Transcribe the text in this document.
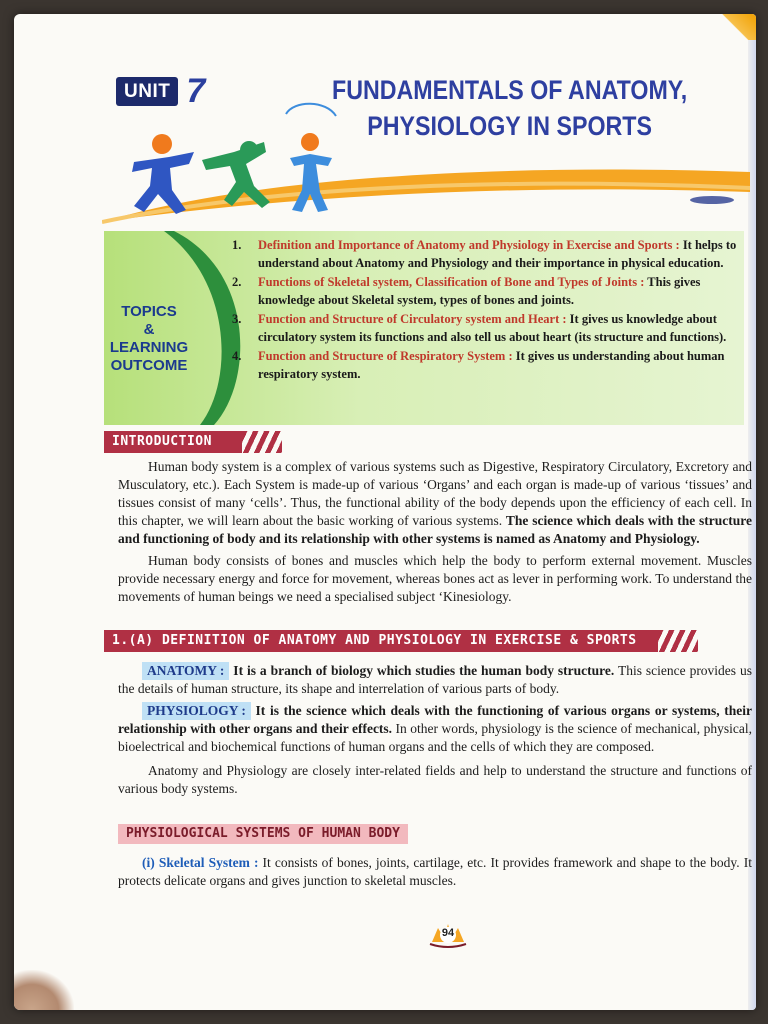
UNIT 7	FUNDAMENTALS OF ANATOMY,
PHYSIOLOGY IN SPORTS
TOPICS
&
LEARNING
OUTCOME
1. Definition and Importance of Anatomy and Physiology in Exercise and Sports : It helps to understand about Anatomy and Physiology and their importance in physical education.
2. Functions of Skeletal system, Classification of Bone and Types of Joints : This gives knowledge about Skeletal system, types of bones and joints.
3. Function and Structure of Circulatory system and Heart : It gives us knowledge about circulatory system its functions and also tell us about heart (its structure and functions).
4. Function and Structure of Respiratory System : It gives us understanding about human respiratory system.
INTRODUCTION

Human body system is a complex of various systems such as Digestive, Respiratory Circulatory, Excretory and Musculatory, etc.). Each System is made-up of various ‘Organs’ and each organ is made-up of various ‘tissues’ and tissues consist of many ‘cells’. Thus, the functional ability of the body depends upon the efficiency of each cell. In this chapter, we will learn about the basic working of various systems. The science which deals with the structure and functioning of body and its relationship with other systems is named as Anatomy and Physiology.

Human body consists of bones and muscles which help the body to perform external movement. Muscles provide necessary energy and force for movement, whereas bones act as lever in performing work. To understand the movements of human beings we need a specialised subject ‘Kinesiology.

1.(A) DEFINITION OF ANATOMY AND PHYSIOLOGY IN EXERCISE & SPORTS

ANATOMY : It is a branch of biology which studies the human body structure. This science provides us the details of human structure, its shape and interrelation of various parts of body.

PHYSIOLOGY : It is the science which deals with the functioning of various organs or systems, their relationship with other organs and their effects. In other words, physiology is the science of mechanical, physical, bioelectrical and biochemical functions of human organs and the cells of which they are composed.

Anatomy and Physiology are closely inter-related fields and help to understand the structure and functions of various body systems.

PHYSIOLOGICAL SYSTEMS OF HUMAN BODY

(i) Skeletal System : It consists of bones, joints, cartilage, etc. It provides framework and shape to the body. It protects delicate organs and gives junction to skeletal muscles.

94
